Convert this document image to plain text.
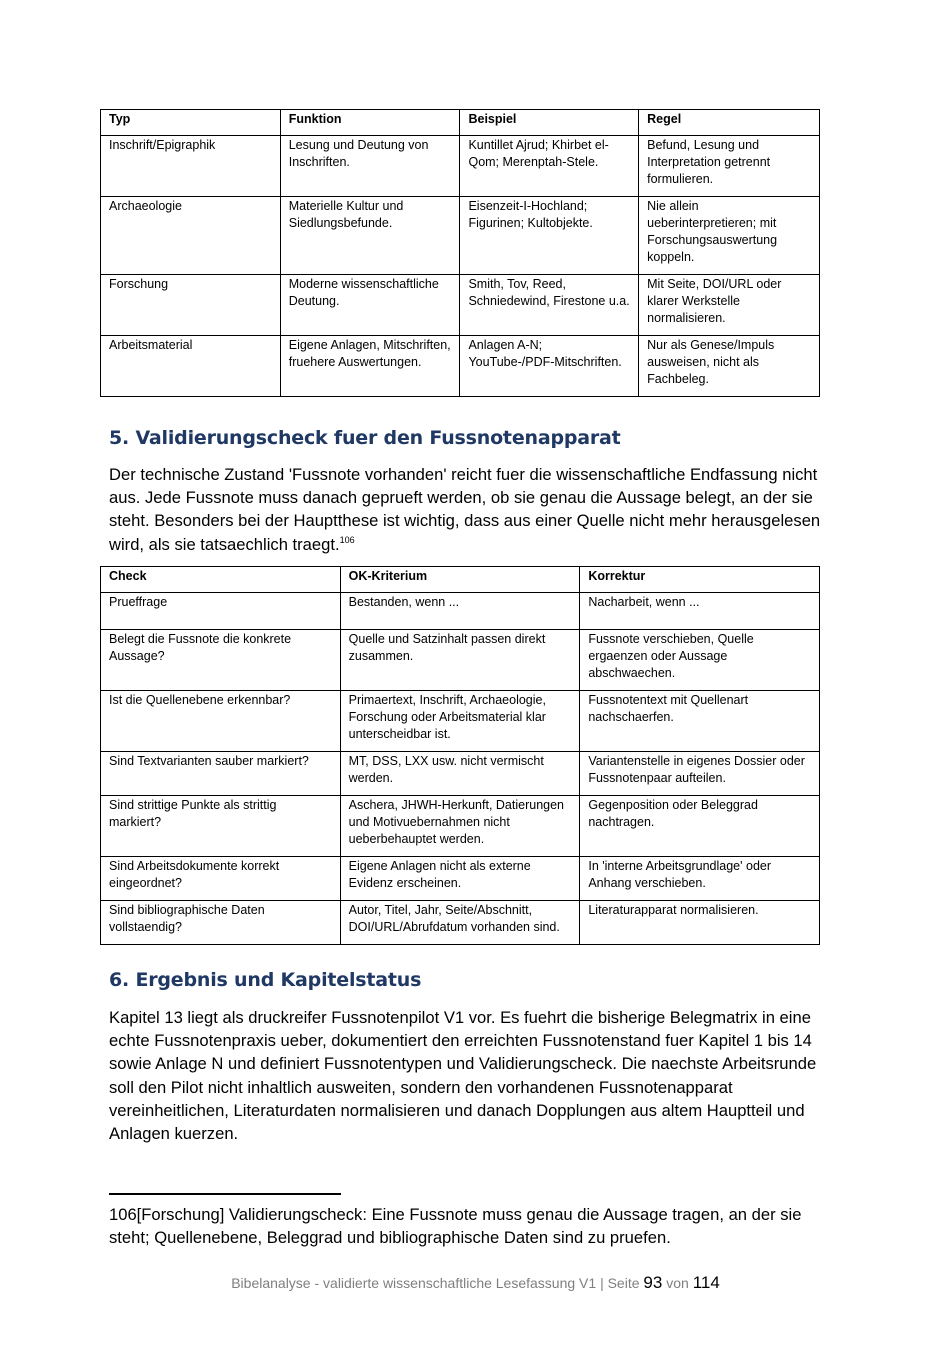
Typ	Funktion	Beispiel	Regel
Inschrift/Epigraphik	Lesung und Deutung von Inschriften.	Kuntillet Ajrud; Khirbet el-Qom; Merenptah-Stele.	Befund, Lesung und Interpretation getrennt formulieren.
Archaeologie	Materielle Kultur und Siedlungsbefunde.	Eisenzeit-I-Hochland; Figurinen; Kultobjekte.	Nie allein ueberinterpretieren; mit Forschungsauswertung koppeln.
Forschung	Moderne wissenschaftliche Deutung.	Smith, Tov, Reed, Schniedewind, Firestone u.a.	Mit Seite, DOI/URL oder klarer Werkstelle normalisieren.
Arbeitsmaterial	Eigene Anlagen, Mitschriften, fruehere Auswertungen.	Anlagen A-N; YouTube-/PDF-Mitschriften.	Nur als Genese/Impuls ausweisen, nicht als Fachbeleg.
5. Validierungscheck fuer den Fussnotenapparat

Der technische Zustand 'Fussnote vorhanden' reicht fuer die wissenschaftliche Endfassung nicht aus. Jede Fussnote muss danach geprueft werden, ob sie genau die Aussage belegt, an der sie steht. Besonders bei der Hauptthese ist wichtig, dass aus einer Quelle nicht mehr herausgelesen wird, als sie tatsaechlich traegt.$^{106}$

Check	OK-Kriterium	Korrektur
Prueffrage	Bestanden, wenn ...	Nacharbeit, wenn ...
Belegt die Fussnote die konkrete Aussage?	Quelle und Satzinhalt passen direkt zusammen.	Fussnote verschieben, Quelle ergaenzen oder Aussage abschwaechen.
Ist die Quellenebene erkennbar?	Primaertext, Inschrift, Archaeologie, Forschung oder Arbeitsmaterial klar unterscheidbar ist.	Fussnotentext mit Quellenart nachschaerfen.
Sind Textvarianten sauber markiert?	MT, DSS, LXX usw. nicht vermischt werden.	Variantenstelle in eigenes Dossier oder Fussnotenpaar aufteilen.
Sind strittige Punkte als strittig markiert?	Aschera, JHWH-Herkunft, Datierungen und Motivuebernahmen nicht ueberbehauptet werden.	Gegenposition oder Beleggrad nachtragen.
Sind Arbeitsdokumente korrekt eingeordnet?	Eigene Anlagen nicht als externe Evidenz erscheinen.	In 'interne Arbeitsgrundlage' oder Anhang verschieben.
Sind bibliographische Daten vollstaendig?	Autor, Titel, Jahr, Seite/Abschnitt, DOI/URL/Abrufdatum vorhanden sind.	Literaturapparat normalisieren.
6. Ergebnis und Kapitelstatus

Kapitel 13 liegt als druckreifer Fussnotenpilot V1 vor. Es fuehrt die bisherige Belegmatrix in eine echte Fussnotenpraxis ueber, dokumentiert den erreichten Fussnotenstand fuer Kapitel 1 bis 14 sowie Anlage N und definiert Fussnotentypen und Validierungscheck. Die naechste Arbeitsrunde soll den Pilot nicht inhaltlich ausweiten, sondern den vorhandenen Fussnotenapparat vereinheitlichen, Literaturdaten normalisieren und danach Dopplungen aus altem Hauptteil und Anlagen kuerzen.

106[Forschung] Validierungscheck: Eine Fussnote muss genau die Aussage tragen, an der sie steht; Quellenebene, Beleggrad und bibliographische Daten sind zu pruefen.

Bibelanalyse - validierte wissenschaftliche Lesefassung V1 | Seite 93 von 114
